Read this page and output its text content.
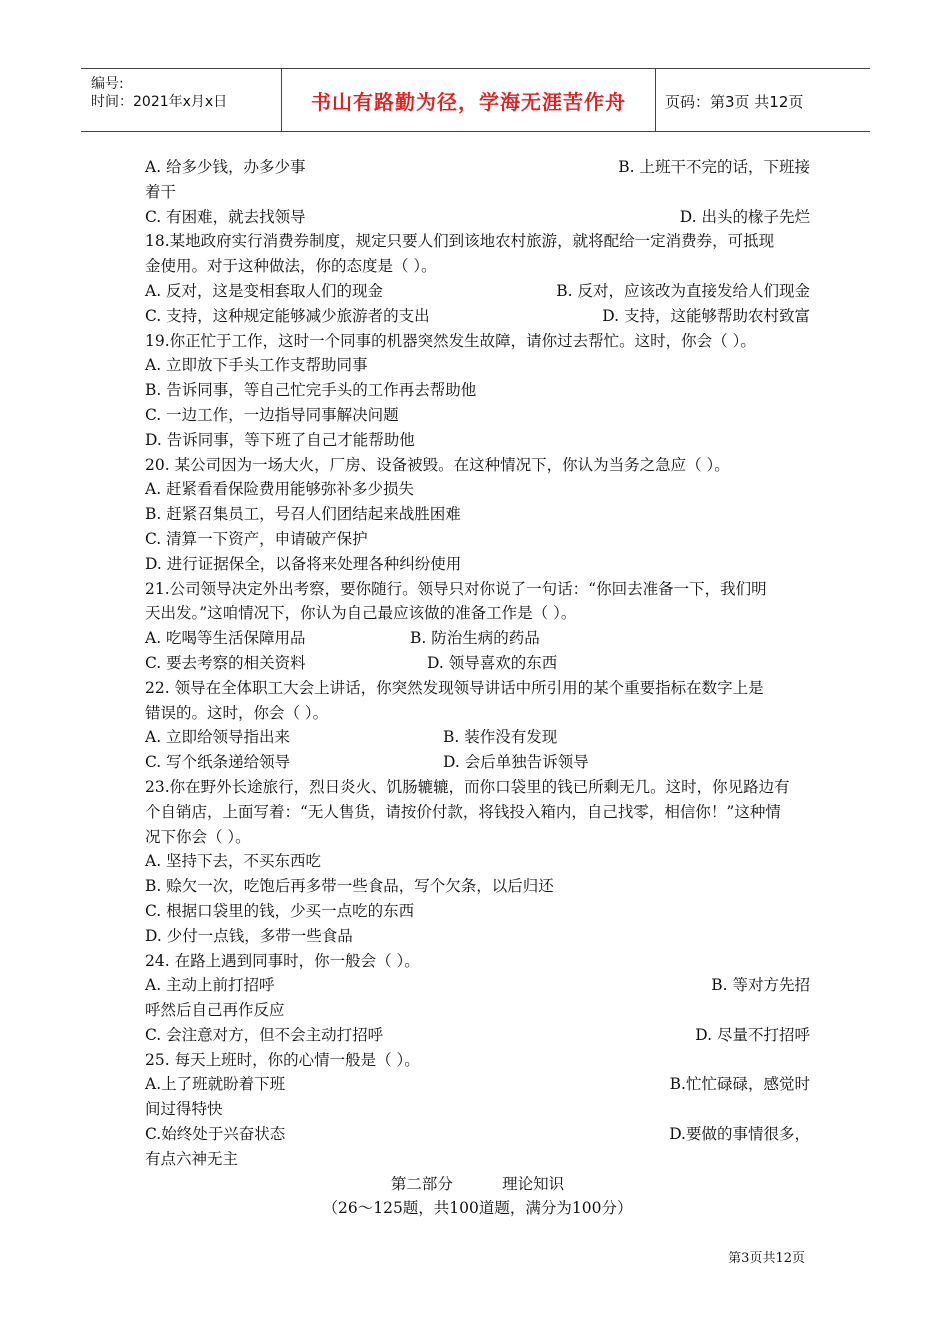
编号:
时间：2021年x月x日	书山有路勤为径，学海无涯苦作舟	页码：第3页 共12页
A. 给多少钱，办多少事	B. 上班干不完的话，下班接
着干
C. 有困难，就去找领导	D. 出头的椽子先烂
18.某地政府实行消费券制度，规定只要人们到该地农村旅游，就将配给一定消费券，可抵现
金使用。对于这种做法，你的态度是（ ）。
A. 反对，这是变相套取人们的现金	B. 反对，应该改为直接发给人们现金
C. 支持，这种规定能够减少旅游者的支出	D. 支持，这能够帮助农村致富
19.你正忙于工作，这时一个同事的机器突然发生故障，请你过去帮忙。这时，你会（ ）。
A. 立即放下手头工作支帮助同事
B. 告诉同事，等自己忙完手头的工作再去帮助他
C. 一边工作，一边指导同事解决问题
D. 告诉同事，等下班了自己才能帮助他
20. 某公司因为一场大火，厂房、设备被毁。在这种情况下，你认为当务之急应（ ）。
A. 赶紧看看保险费用能够弥补多少损失
B. 赶紧召集员工，号召人们团结起来战胜困难
C. 清算一下资产，申请破产保护
D. 进行证据保全，以备将来处理各种纠纷使用
21.公司领导决定外出考察，要你随行。领导只对你说了一句话：“你回去准备一下，我们明
天出发。”这咱情况下，你认为自己最应该做的准备工作是（ ）。
A. 吃喝等生活保障用品	B. 防治生病的药品
C. 要去考察的相关资料	D. 领导喜欢的东西
22. 领导在全体职工大会上讲话，你突然发现领导讲话中所引用的某个重要指标在数字上是
错误的。这时，你会（ ）。
A. 立即给领导指出来	B. 装作没有发现
C. 写个纸条递给领导	D. 会后单独告诉领导
23.你在野外长途旅行，烈日炎火、饥肠辘辘，而你口袋里的钱已所剩无几。这时，你见路边有
个自销店，上面写着：“无人售货，请按价付款，将钱投入箱内，自己找零，相信你！”这种情
况下你会（ ）。
A. 坚持下去，不买东西吃
B. 赊欠一次，吃饱后再多带一些食品，写个欠条，以后归还
C. 根据口袋里的钱，少买一点吃的东西
D. 少付一点钱，多带一些食品
24. 在路上遇到同事时，你一般会（ ）。
A. 主动上前打招呼	B. 等对方先招
呼然后自己再作反应
C. 会注意对方，但不会主动打招呼	D. 尽量不打招呼
25. 每天上班时，你的心情一般是（ ）。
A.上了班就盼着下班	B.忙忙碌碌，感觉时
间过得特快
C.始终处于兴奋状态	D.要做的事情很多，
有点六神无主
第二部分          理论知识
（26～125题，共100道题，满分为100分）
第3页共12页
